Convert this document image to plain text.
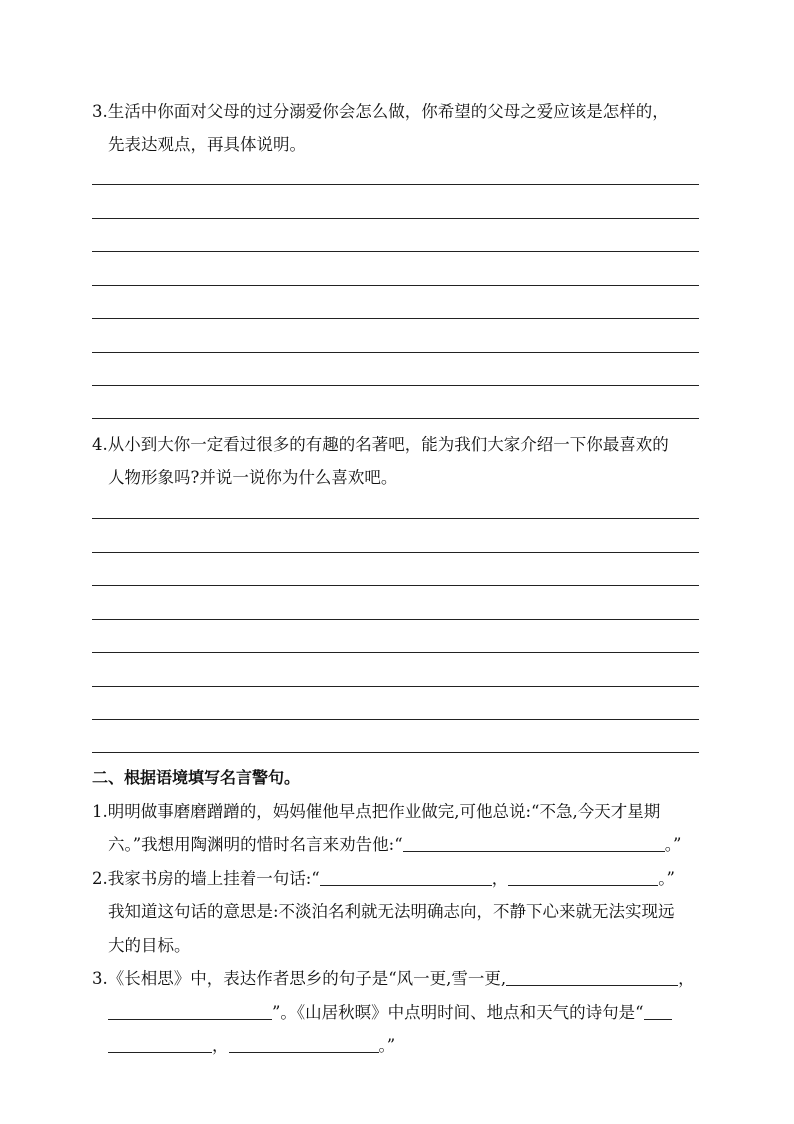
3.生活中你面对父母的过分溺爱你会怎么做，你希望的父母之爱应该是怎样的，
先表达观点，再具体说明。
4.从小到大你一定看过很多的有趣的名著吧，能为我们大家介绍一下你最喜欢的
人物形象吗?并说一说你为什么喜欢吧。
二、根据语境填写名言警句。
1.明明做事磨磨蹭蹭的，妈妈催他早点把作业做完,可他总说:“不急,今天才星期
六。”我想用陶渊明的惜时名言来劝告他:“	。”
2.我家书房的墙上挂着一句话:“	，	。”
我知道这句话的意思是:不淡泊名利就无法明确志向，不静下心来就无法实现远
大的目标。
3.《长相思》中，表达作者思乡的句子是“风一更,雪一更,	，
”。《山居秋暝》中点明时间、地点和天气的诗句是“
，	。”
